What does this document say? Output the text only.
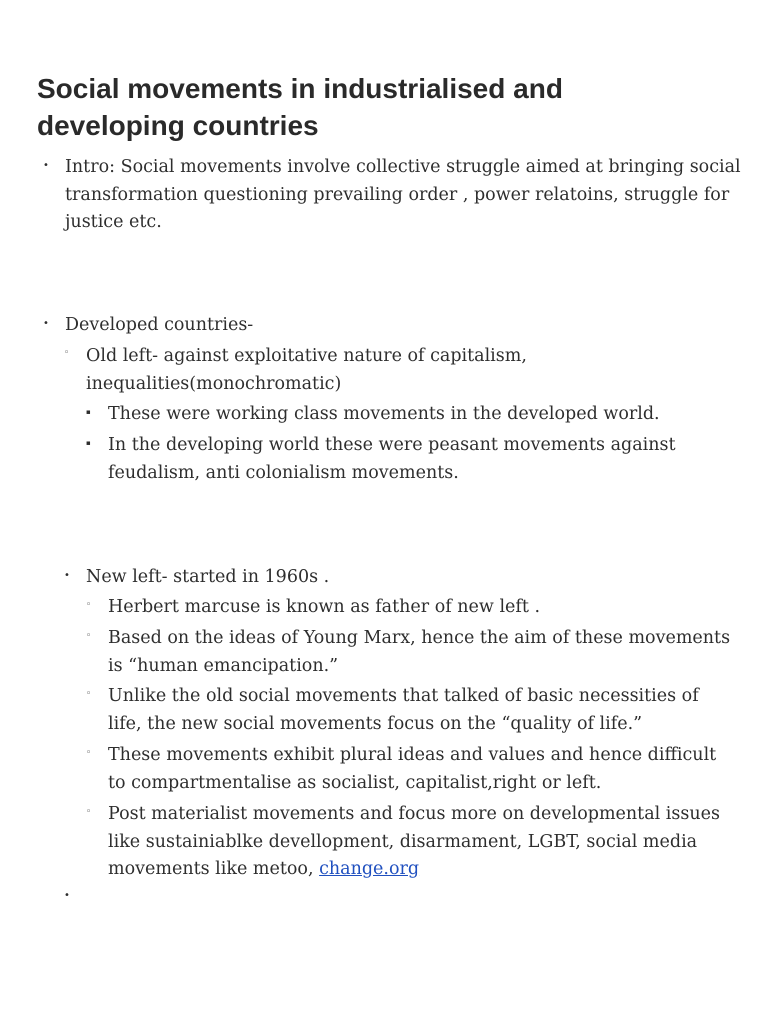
Social movements in industrialised and developing countries
• Intro: Social movements involve collective struggle aimed at bringing social transformation questioning prevailing order , power relatoins, struggle for justice etc.
• Developed countries-
◦ Old left- against exploitative nature of capitalism, inequalities(monochromatic)
▪ These were working class movements in the developed world.
▪ In the developing world these were peasant movements against feudalism, anti colonialism movements.
• New left- started in 1960s .
◦ Herbert marcuse is known as father of new left .
◦ Based on the ideas of Young Marx, hence the aim of these movements is “human emancipation.”
◦ Unlike the old social movements that talked of basic necessities of life, the new social movements focus on the “quality of life.”
◦ These movements exhibit plural ideas and values and hence difficult to compartmentalise as socialist, capitalist,right or left.
◦ Post materialist movements and focus more on developmental issues like sustainiablke devellopment, disarmament, LGBT, social media movements like metoo, change.org
•
